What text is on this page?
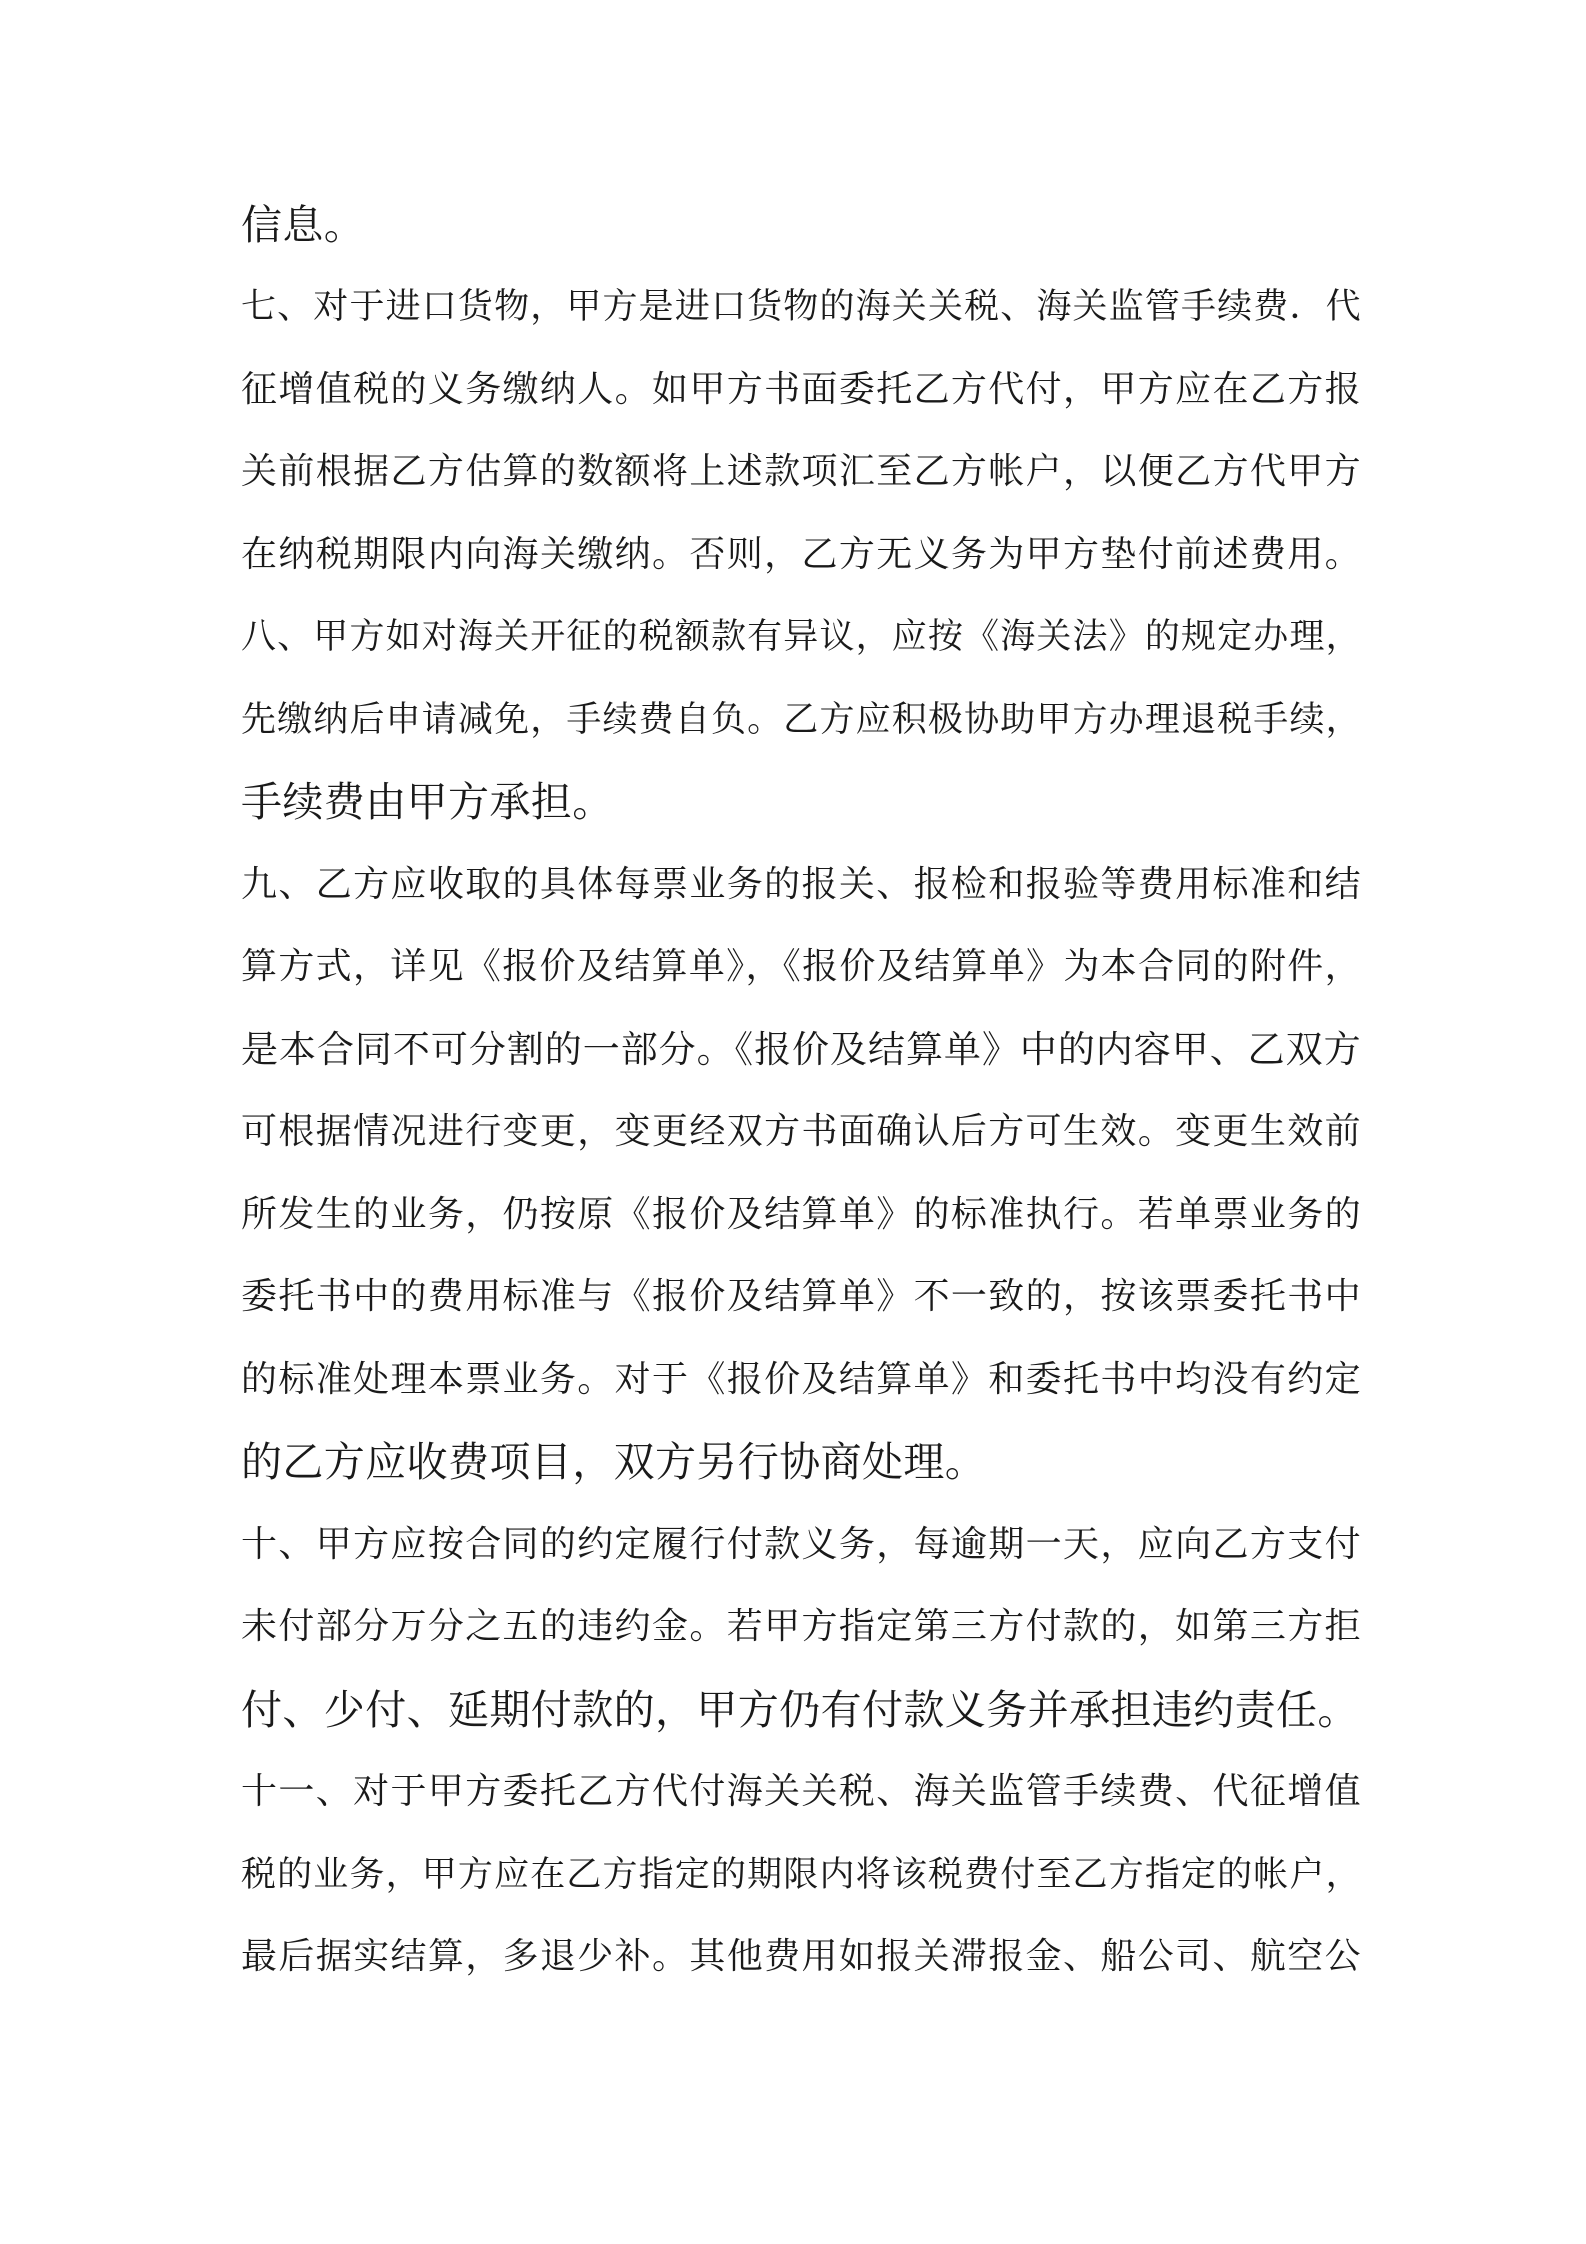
信息。
七、对于进口货物，甲方是进口货物的海关关税、海关监管手续费．代
征增值税的义务缴纳人。如甲方书面委托乙方代付，甲方应在乙方报
关前根据乙方估算的数额将上述款项汇至乙方帐户，以便乙方代甲方
在纳税期限内向海关缴纳。否则，乙方无义务为甲方垫付前述费用。
八、甲方如对海关开征的税额款有异议，应按《海关法》的规定办理，
先缴纳后申请减免，手续费自负。乙方应积极协助甲方办理退税手续，
手续费由甲方承担。
九、乙方应收取的具体每票业务的报关、报检和报验等费用标准和结
算方式，详见《报价及结算单》，《报价及结算单》为本合同的附件，
是本合同不可分割的一部分。《报价及结算单》中的内容甲、乙双方
可根据情况进行变更，变更经双方书面确认后方可生效。变更生效前
所发生的业务，仍按原《报价及结算单》的标准执行。若单票业务的
委托书中的费用标准与《报价及结算单》不一致的，按该票委托书中
的标准处理本票业务。对于《报价及结算单》和委托书中均没有约定
的乙方应收费项目，双方另行协商处理。
十、甲方应按合同的约定履行付款义务，每逾期一天，应向乙方支付
未付部分万分之五的违约金。若甲方指定第三方付款的，如第三方拒
付、少付、延期付款的，甲方仍有付款义务并承担违约责任。
十一、对于甲方委托乙方代付海关关税、海关监管手续费、代征增值
税的业务，甲方应在乙方指定的期限内将该税费付至乙方指定的帐户，
最后据实结算，多退少补。其他费用如报关滞报金、船公司、航空公
